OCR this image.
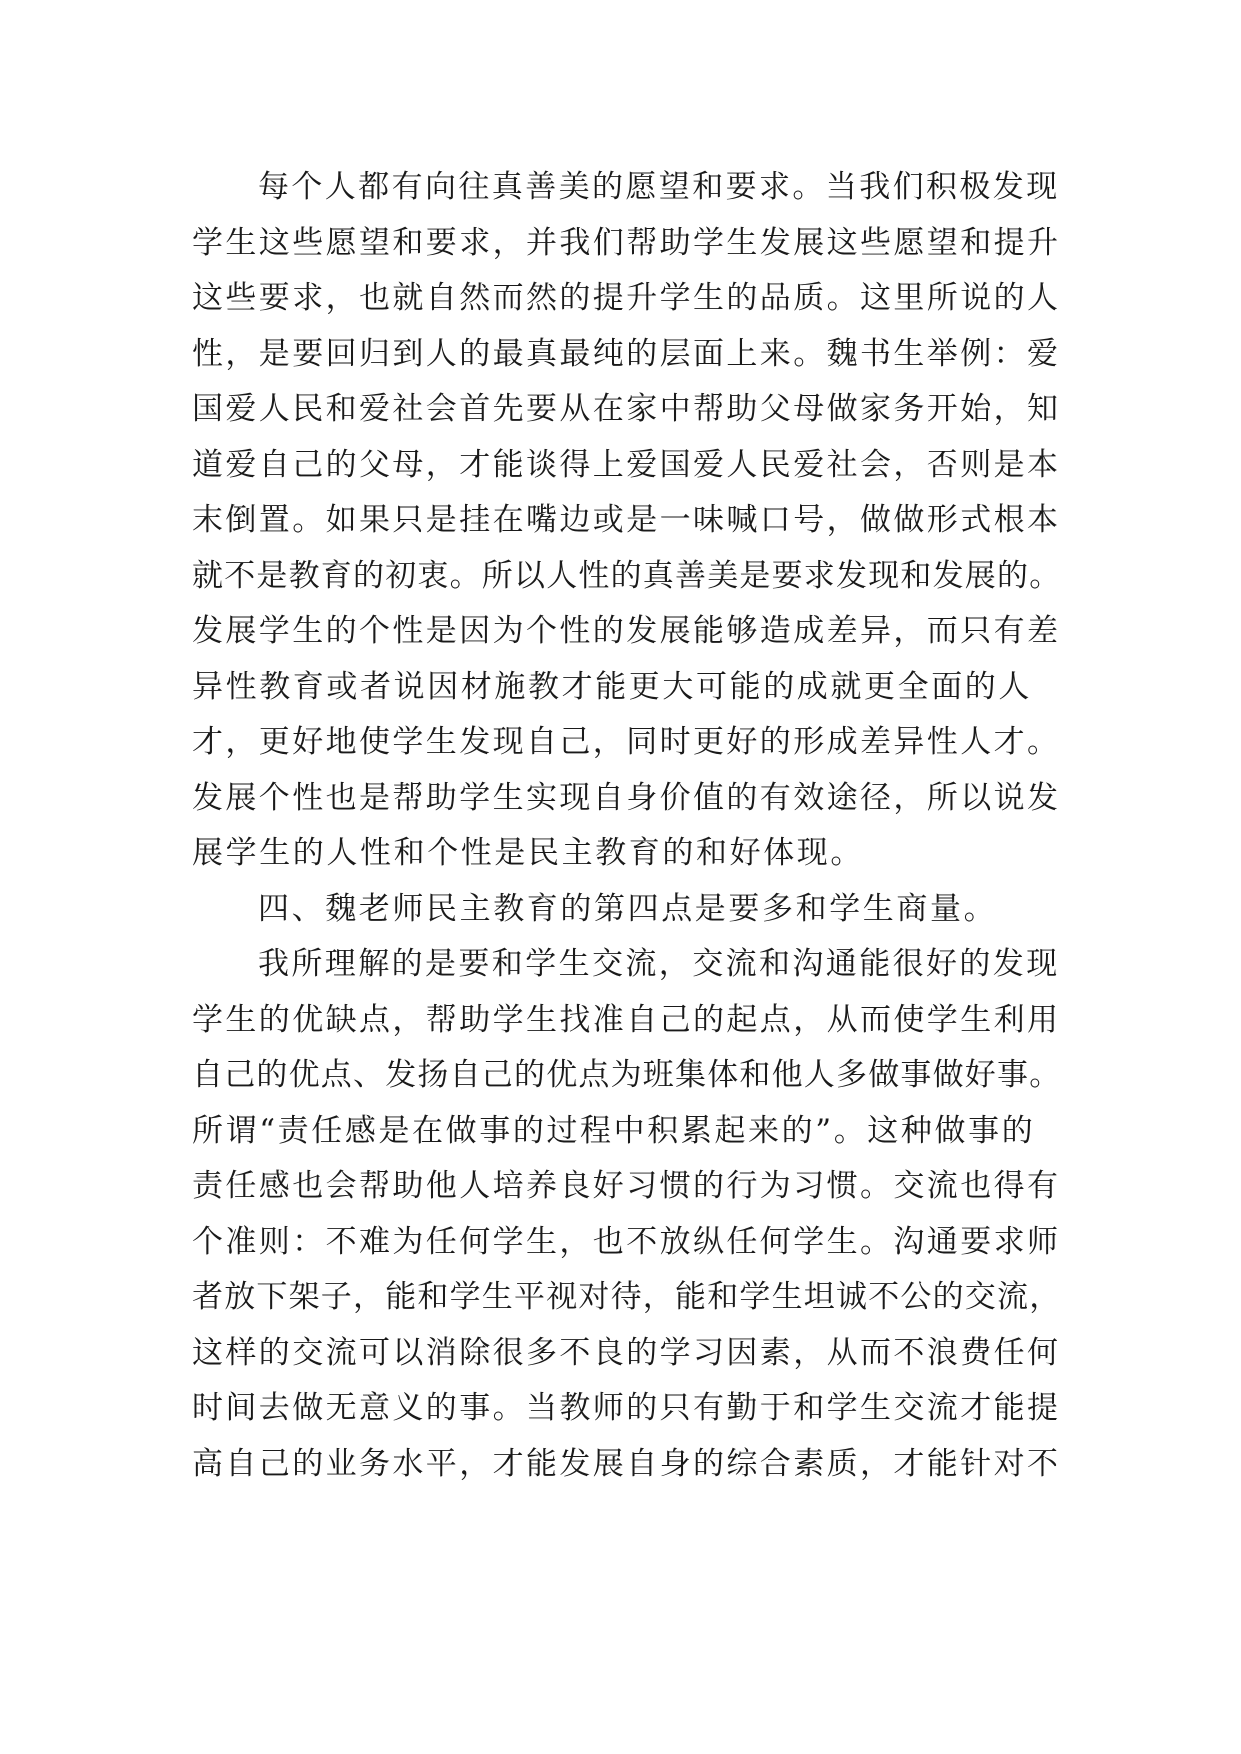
每个人都有向往真善美的愿望和要求。当我们积极发现
学生这些愿望和要求，并我们帮助学生发展这些愿望和提升
这些要求，也就自然而然的提升学生的品质。这里所说的人
性，是要回归到人的最真最纯的层面上来。魏书生举例：爱
国爱人民和爱社会首先要从在家中帮助父母做家务开始，知
道爱自己的父母，才能谈得上爱国爱人民爱社会，否则是本
末倒置。如果只是挂在嘴边或是一味喊口号，做做形式根本
就不是教育的初衷。所以人性的真善美是要求发现和发展的。
发展学生的个性是因为个性的发展能够造成差异，而只有差
异性教育或者说因材施教才能更大可能的成就更全面的人
才，更好地使学生发现自己，同时更好的形成差异性人才。
发展个性也是帮助学生实现自身价值的有效途径，所以说发
展学生的人性和个性是民主教育的和好体现。
四、魏老师民主教育的第四点是要多和学生商量。
我所理解的是要和学生交流，交流和沟通能很好的发现
学生的优缺点，帮助学生找准自己的起点，从而使学生利用
自己的优点、发扬自己的优点为班集体和他人多做事做好事。
所谓“责任感是在做事的过程中积累起来的”。这种做事的
责任感也会帮助他人培养良好习惯的行为习惯。交流也得有
个准则：不难为任何学生，也不放纵任何学生。沟通要求师
者放下架子，能和学生平视对待，能和学生坦诚不公的交流，
这样的交流可以消除很多不良的学习因素，从而不浪费任何
时间去做无意义的事。当教师的只有勤于和学生交流才能提
高自己的业务水平，才能发展自身的综合素质，才能针对不
